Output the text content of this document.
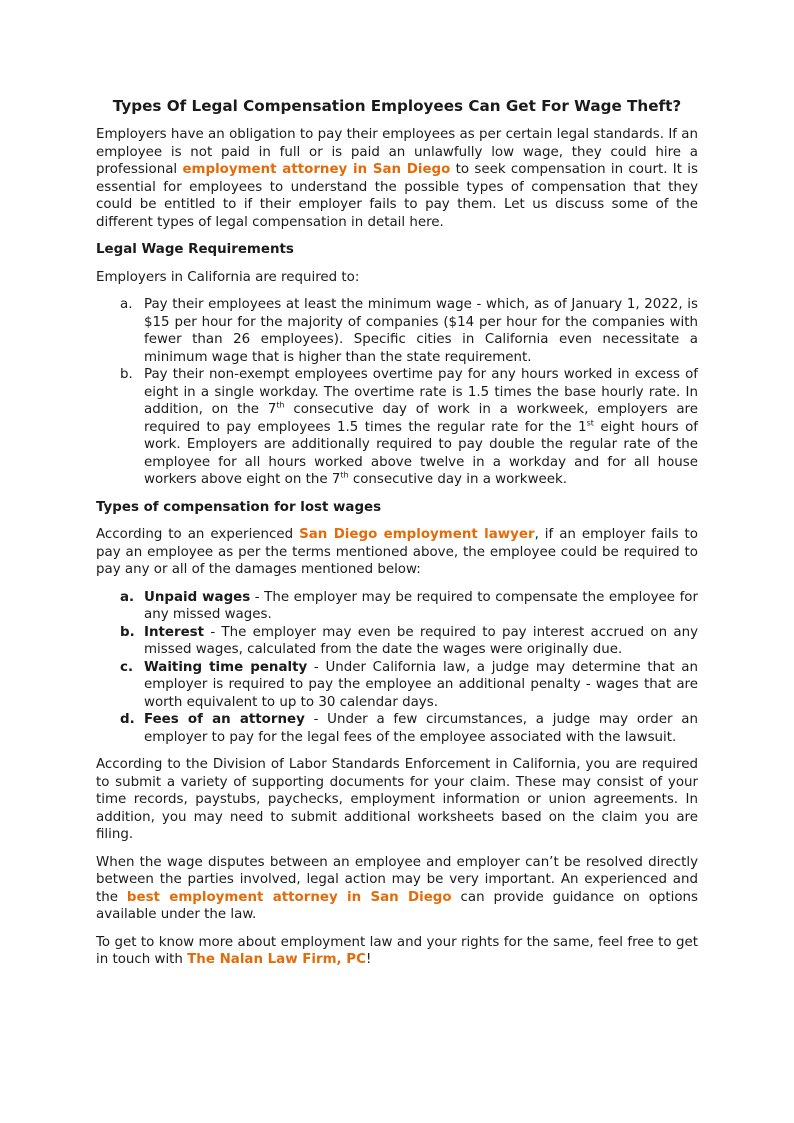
Types Of Legal Compensation Employees Can Get For Wage Theft?

Employers have an obligation to pay their employees as per certain legal standards. If an employee is not paid in full or is paid an unlawfully low wage, they could hire a professional employment attorney in San Diego to seek compensation in court. It is essential for employees to understand the possible types of compensation that they could be entitled to if their employer fails to pay them. Let us discuss some of the different types of legal compensation in detail here.

Legal Wage Requirements

Employers in California are required to:

a. Pay their employees at least the minimum wage - which, as of January 1, 2022, is $15 per hour for the majority of companies ($14 per hour for the companies with fewer than 26 employees). Specific cities in California even necessitate a minimum wage that is higher than the state requirement.
b. Pay their non-exempt employees overtime pay for any hours worked in excess of eight in a single workday. The overtime rate is 1.5 times the base hourly rate. In addition, on the 7th consecutive day of work in a workweek, employers are required to pay employees 1.5 times the regular rate for the 1st eight hours of work. Employers are additionally required to pay double the regular rate of the employee for all hours worked above twelve in a workday and for all house workers above eight on the 7th consecutive day in a workweek.
Types of compensation for lost wages

According to an experienced San Diego employment lawyer, if an employer fails to pay an employee as per the terms mentioned above, the employee could be required to pay any or all of the damages mentioned below:

a. Unpaid wages - The employer may be required to compensate the employee for any missed wages.
b. Interest - The employer may even be required to pay interest accrued on any missed wages, calculated from the date the wages were originally due.
c. Waiting time penalty - Under California law, a judge may determine that an employer is required to pay the employee an additional penalty - wages that are worth equivalent to up to 30 calendar days.
d. Fees of an attorney - Under a few circumstances, a judge may order an employer to pay for the legal fees of the employee associated with the lawsuit.

According to the Division of Labor Standards Enforcement in California, you are required to submit a variety of supporting documents for your claim. These may consist of your time records, paystubs, paychecks, employment information or union agreements. In addition, you may need to submit additional worksheets based on the claim you are filing.

When the wage disputes between an employee and employer can’t be resolved directly between the parties involved, legal action may be very important. An experienced and the best employment attorney in San Diego can provide guidance on options available under the law.

To get to know more about employment law and your rights for the same, feel free to get in touch with The Nalan Law Firm, PC!
